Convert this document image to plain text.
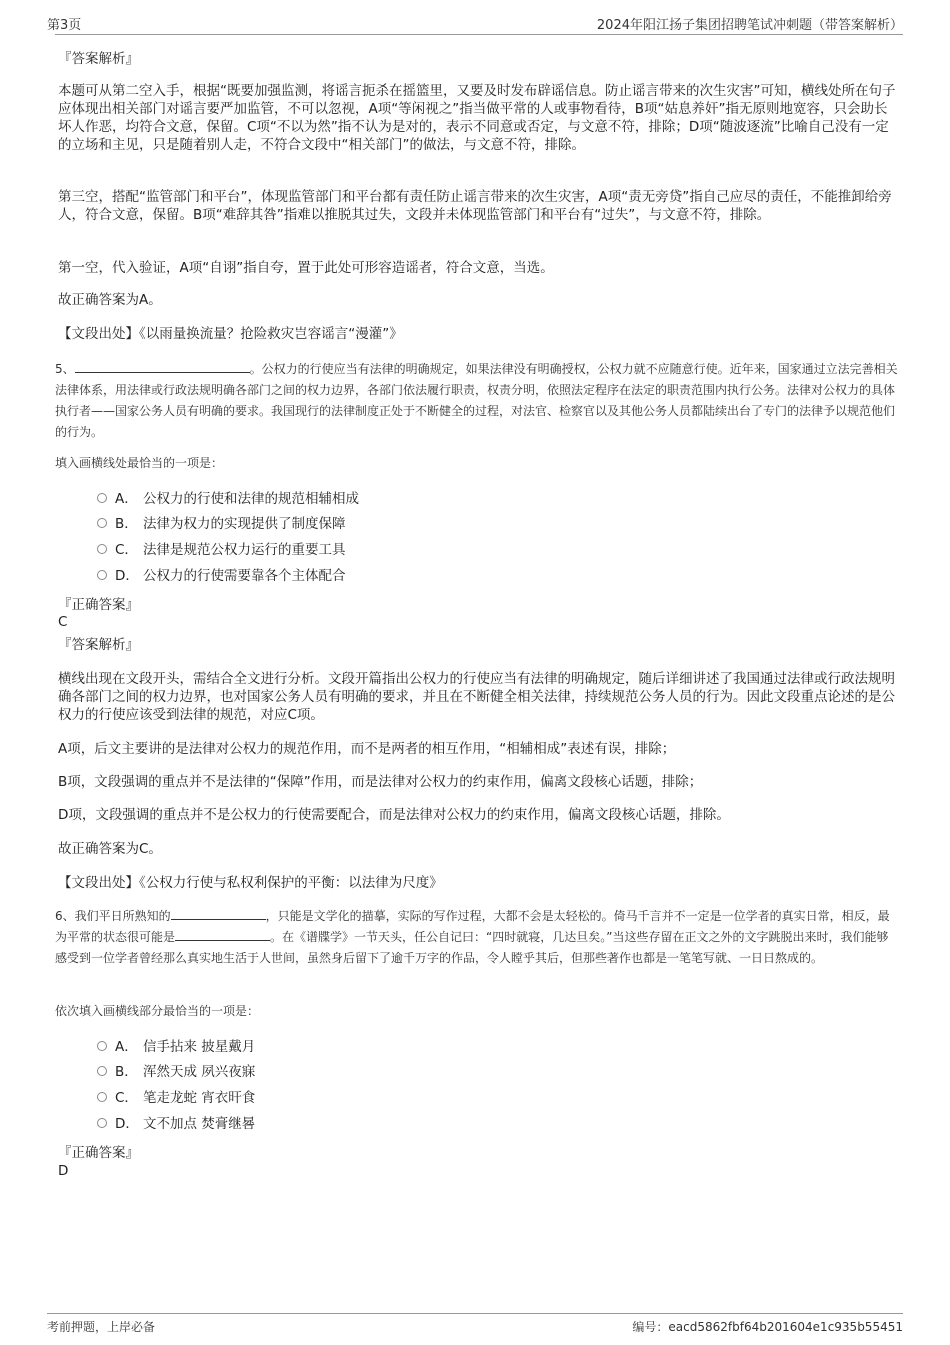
第3页	2024年阳江扬子集团招聘笔试冲刺题（带答案解析）
『答案解析』

本题可从第二空入手，根据“既要加强监测，将谣言扼杀在摇篮里，又要及时发布辟谣信息。防止谣言带来的次生灾害”可知，横线处所在句子应体现出相关部门对谣言要严加监管，不可以忽视，A项“等闲视之”指当做平常的人或事物看待，B项“姑息养奸”指无原则地宽容，只会助长坏人作恶，均符合文意，保留。C项“不以为然”指不认为是对的，表示不同意或否定，与文意不符，排除；D项“随波逐流”比喻自己没有一定的立场和主见，只是随着别人走，不符合文段中“相关部门”的做法，与文意不符，排除。

第三空，搭配“监管部门和平台”，体现监管部门和平台都有责任防止谣言带来的次生灾害，A项“责无旁贷”指自己应尽的责任，不能推卸给旁人，符合文意，保留。B项“难辞其咎”指难以推脱其过失，文段并未体现监管部门和平台有“过失”，与文意不符，排除。

第一空，代入验证，A项“自诩”指自夸，置于此处可形容造谣者，符合文意，当选。

故正确答案为A。

【文段出处】《以雨量换流量？抢险救灾岂容谣言“漫灌”》

5、	。公权力的行使应当有法律的明确规定，如果法律没有明确授权，公权力就不应随意行使。近年来，国家通过立法完善相关法律体系，用法律或行政法规明确各部门之间的权力边界，各部门依法履行职责，权责分明，依照法定程序在法定的职责范围内执行公务。法律对公权力的具体执行者——国家公务人员有明确的要求。我国现行的法律制度正处于不断健全的过程，对法官、检察官以及其他公务人员都陆续出台了专门的法律予以规范他们的行为。
填入画横线处最恰当的一项是：
A． 公权力的行使和法律的规范相辅相成
B． 法律为权力的实现提供了制度保障
C． 法律是规范公权力运行的重要工具
D． 公权力的行使需要靠各个主体配合
『正确答案』
C
『答案解析』

横线出现在文段开头，需结合全文进行分析。文段开篇指出公权力的行使应当有法律的明确规定，随后详细讲述了我国通过法律或行政法规明确各部门之间的权力边界，也对国家公务人员有明确的要求，并且在不断健全相关法律，持续规范公务人员的行为。因此文段重点论述的是公权力的行使应该受到法律的规范，对应C项。

A项，后文主要讲的是法律对公权力的规范作用，而不是两者的相互作用，“相辅相成”表述有误，排除；

B项，文段强调的重点并不是法律的“保障”作用，而是法律对公权力的约束作用，偏离文段核心话题，排除；

D项，文段强调的重点并不是公权力的行使需要配合，而是法律对公权力的约束作用，偏离文段核心话题，排除。

故正确答案为C。

【文段出处】《公权力行使与私权利保护的平衡：以法律为尺度》

6、我们平日所熟知的	，只能是文学化的描摹，实际的写作过程，大都不会是太轻松的。倚马千言并不一定是一位学者的真实日常，相反，最为平常的状态很可能是	。在《谱牒学》一节天头，任公自记曰：“四时就寝，几达旦矣。”当这些存留在正文之外的文字跳脱出来时，我们能够感受到一位学者曾经那么真实地生活于人世间，虽然身后留下了逾千万字的作品，令人瞠乎其后，但那些著作也都是一笔笔写就、一日日熬成的。
依次填入画横线部分最恰当的一项是：
A． 信手拈来 披星戴月
B． 浑然天成 夙兴夜寐
C． 笔走龙蛇 宵衣旰食
D． 文不加点 焚膏继晷
『正确答案』
D
考前押题，上岸必备	编号：eacd5862fbf64b201604e1c935b55451
